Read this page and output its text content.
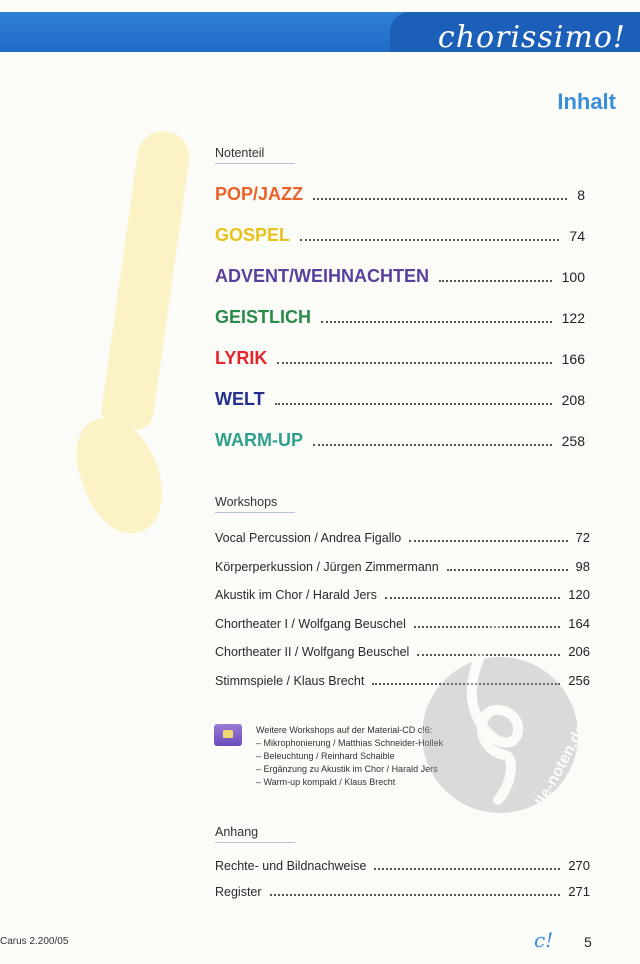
chorissimo!
Inhalt
Notenteil
POP/JAZZ	8
GOSPEL	74
ADVENT/WEIHNACHTEN	100
GEISTLICH	122
LYRIK	166
WELT	208
WARM-UP	258
Workshops
Vocal Percussion / Andrea Figallo	72
Körperperkussion / Jürgen Zimmermann	98
Akustik im Chor / Harald Jers	120
Chortheater I / Wolfgang Beuschel	164
Chortheater II / Wolfgang Beuschel	206
Stimmspiele / Klaus Brecht	256
Weitere Workshops auf der Material-CD c!6:
– Mikrophonierung / Matthias Schneider-Hollek
– Beleuchtung / Reinhard Schaible
– Ergänzung zu Akustik im Chor / Harald Jers
– Warm-up kompakt / Klaus Brecht
Anhang
Rechte- und Bildnachweise	270
Register	271
alle-noten.de
Carus 2.200/05	c! 5
